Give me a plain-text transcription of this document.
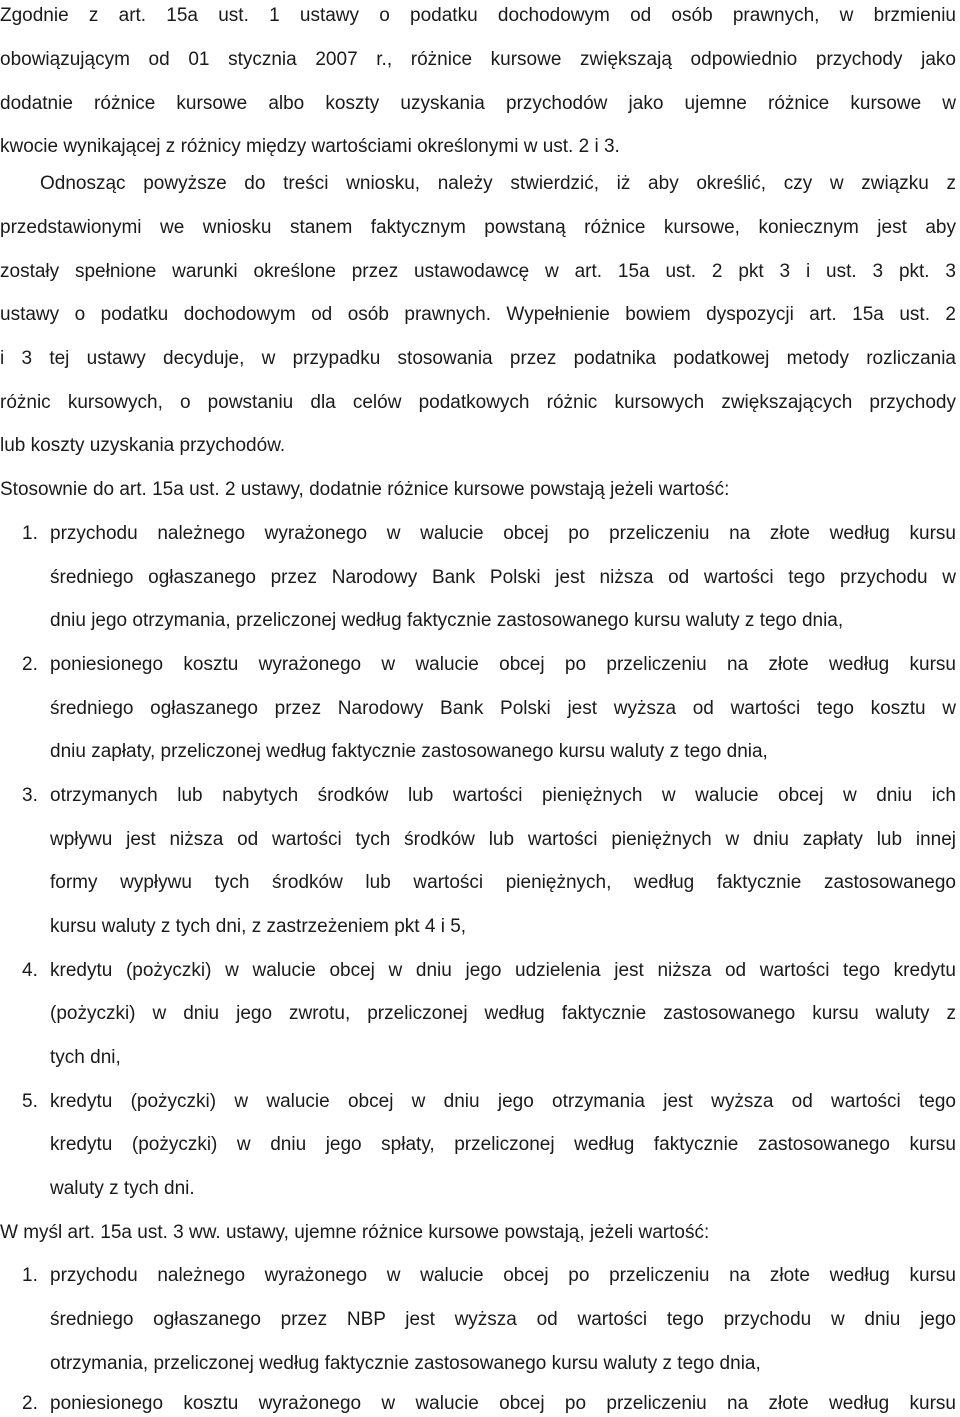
Zgodnie z art. 15a ust. 1 ustawy o podatku dochodowym od osób prawnych, w brzmieniu
obowiązującym od 01 stycznia 2007 r., różnice kursowe zwiększają odpowiednio przychody jako
dodatnie różnice kursowe albo koszty uzyskania przychodów jako ujemne różnice kursowe w
kwocie wynikającej z różnicy między wartościami określonymi w ust. 2 i 3.
Odnosząc powyższe do treści wniosku, należy stwierdzić, iż aby określić, czy w związku z
przedstawionymi we wniosku stanem faktycznym powstaną różnice kursowe, koniecznym jest aby
zostały spełnione warunki określone przez ustawodawcę w art. 15a ust. 2 pkt 3 i ust. 3 pkt. 3
ustawy o podatku dochodowym od osób prawnych. Wypełnienie bowiem dyspozycji art. 15a ust. 2
i 3 tej ustawy decyduje, w przypadku stosowania przez podatnika podatkowej metody rozliczania
różnic kursowych, o powstaniu dla celów podatkowych różnic kursowych zwiększających przychody
lub koszty uzyskania przychodów.
Stosownie do art. 15a ust. 2 ustawy, dodatnie różnice kursowe powstają jeżeli wartość:
1. przychodu należnego wyrażonego w walucie obcej po przeliczeniu na złote według kursu
średniego ogłaszanego przez Narodowy Bank Polski jest niższa od wartości tego przychodu w
dniu jego otrzymania, przeliczonej według faktycznie zastosowanego kursu waluty z tego dnia,
2. poniesionego kosztu wyrażonego w walucie obcej po przeliczeniu na złote według kursu
średniego ogłaszanego przez Narodowy Bank Polski jest wyższa od wartości tego kosztu w
dniu zapłaty, przeliczonej według faktycznie zastosowanego kursu waluty z tego dnia,
3. otrzymanych lub nabytych środków lub wartości pieniężnych w walucie obcej w dniu ich
wpływu jest niższa od wartości tych środków lub wartości pieniężnych w dniu zapłaty lub innej
formy wypływu tych środków lub wartości pieniężnych, według faktycznie zastosowanego
kursu waluty z tych dni, z zastrzeżeniem pkt 4 i 5,
4. kredytu (pożyczki) w walucie obcej w dniu jego udzielenia jest niższa od wartości tego kredytu
(pożyczki) w dniu jego zwrotu, przeliczonej według faktycznie zastosowanego kursu waluty z
tych dni,
5. kredytu (pożyczki) w walucie obcej w dniu jego otrzymania jest wyższa od wartości tego
kredytu (pożyczki) w dniu jego spłaty, przeliczonej według faktycznie zastosowanego kursu
waluty z tych dni.
W myśl art. 15a ust. 3 ww. ustawy, ujemne różnice kursowe powstają, jeżeli wartość:
1. przychodu należnego wyrażonego w walucie obcej po przeliczeniu na złote według kursu
średniego ogłaszanego przez NBP jest wyższa od wartości tego przychodu w dniu jego
otrzymania, przeliczonej według faktycznie zastosowanego kursu waluty z tego dnia,
2. poniesionego kosztu wyrażonego w walucie obcej po przeliczeniu na złote według kursu
